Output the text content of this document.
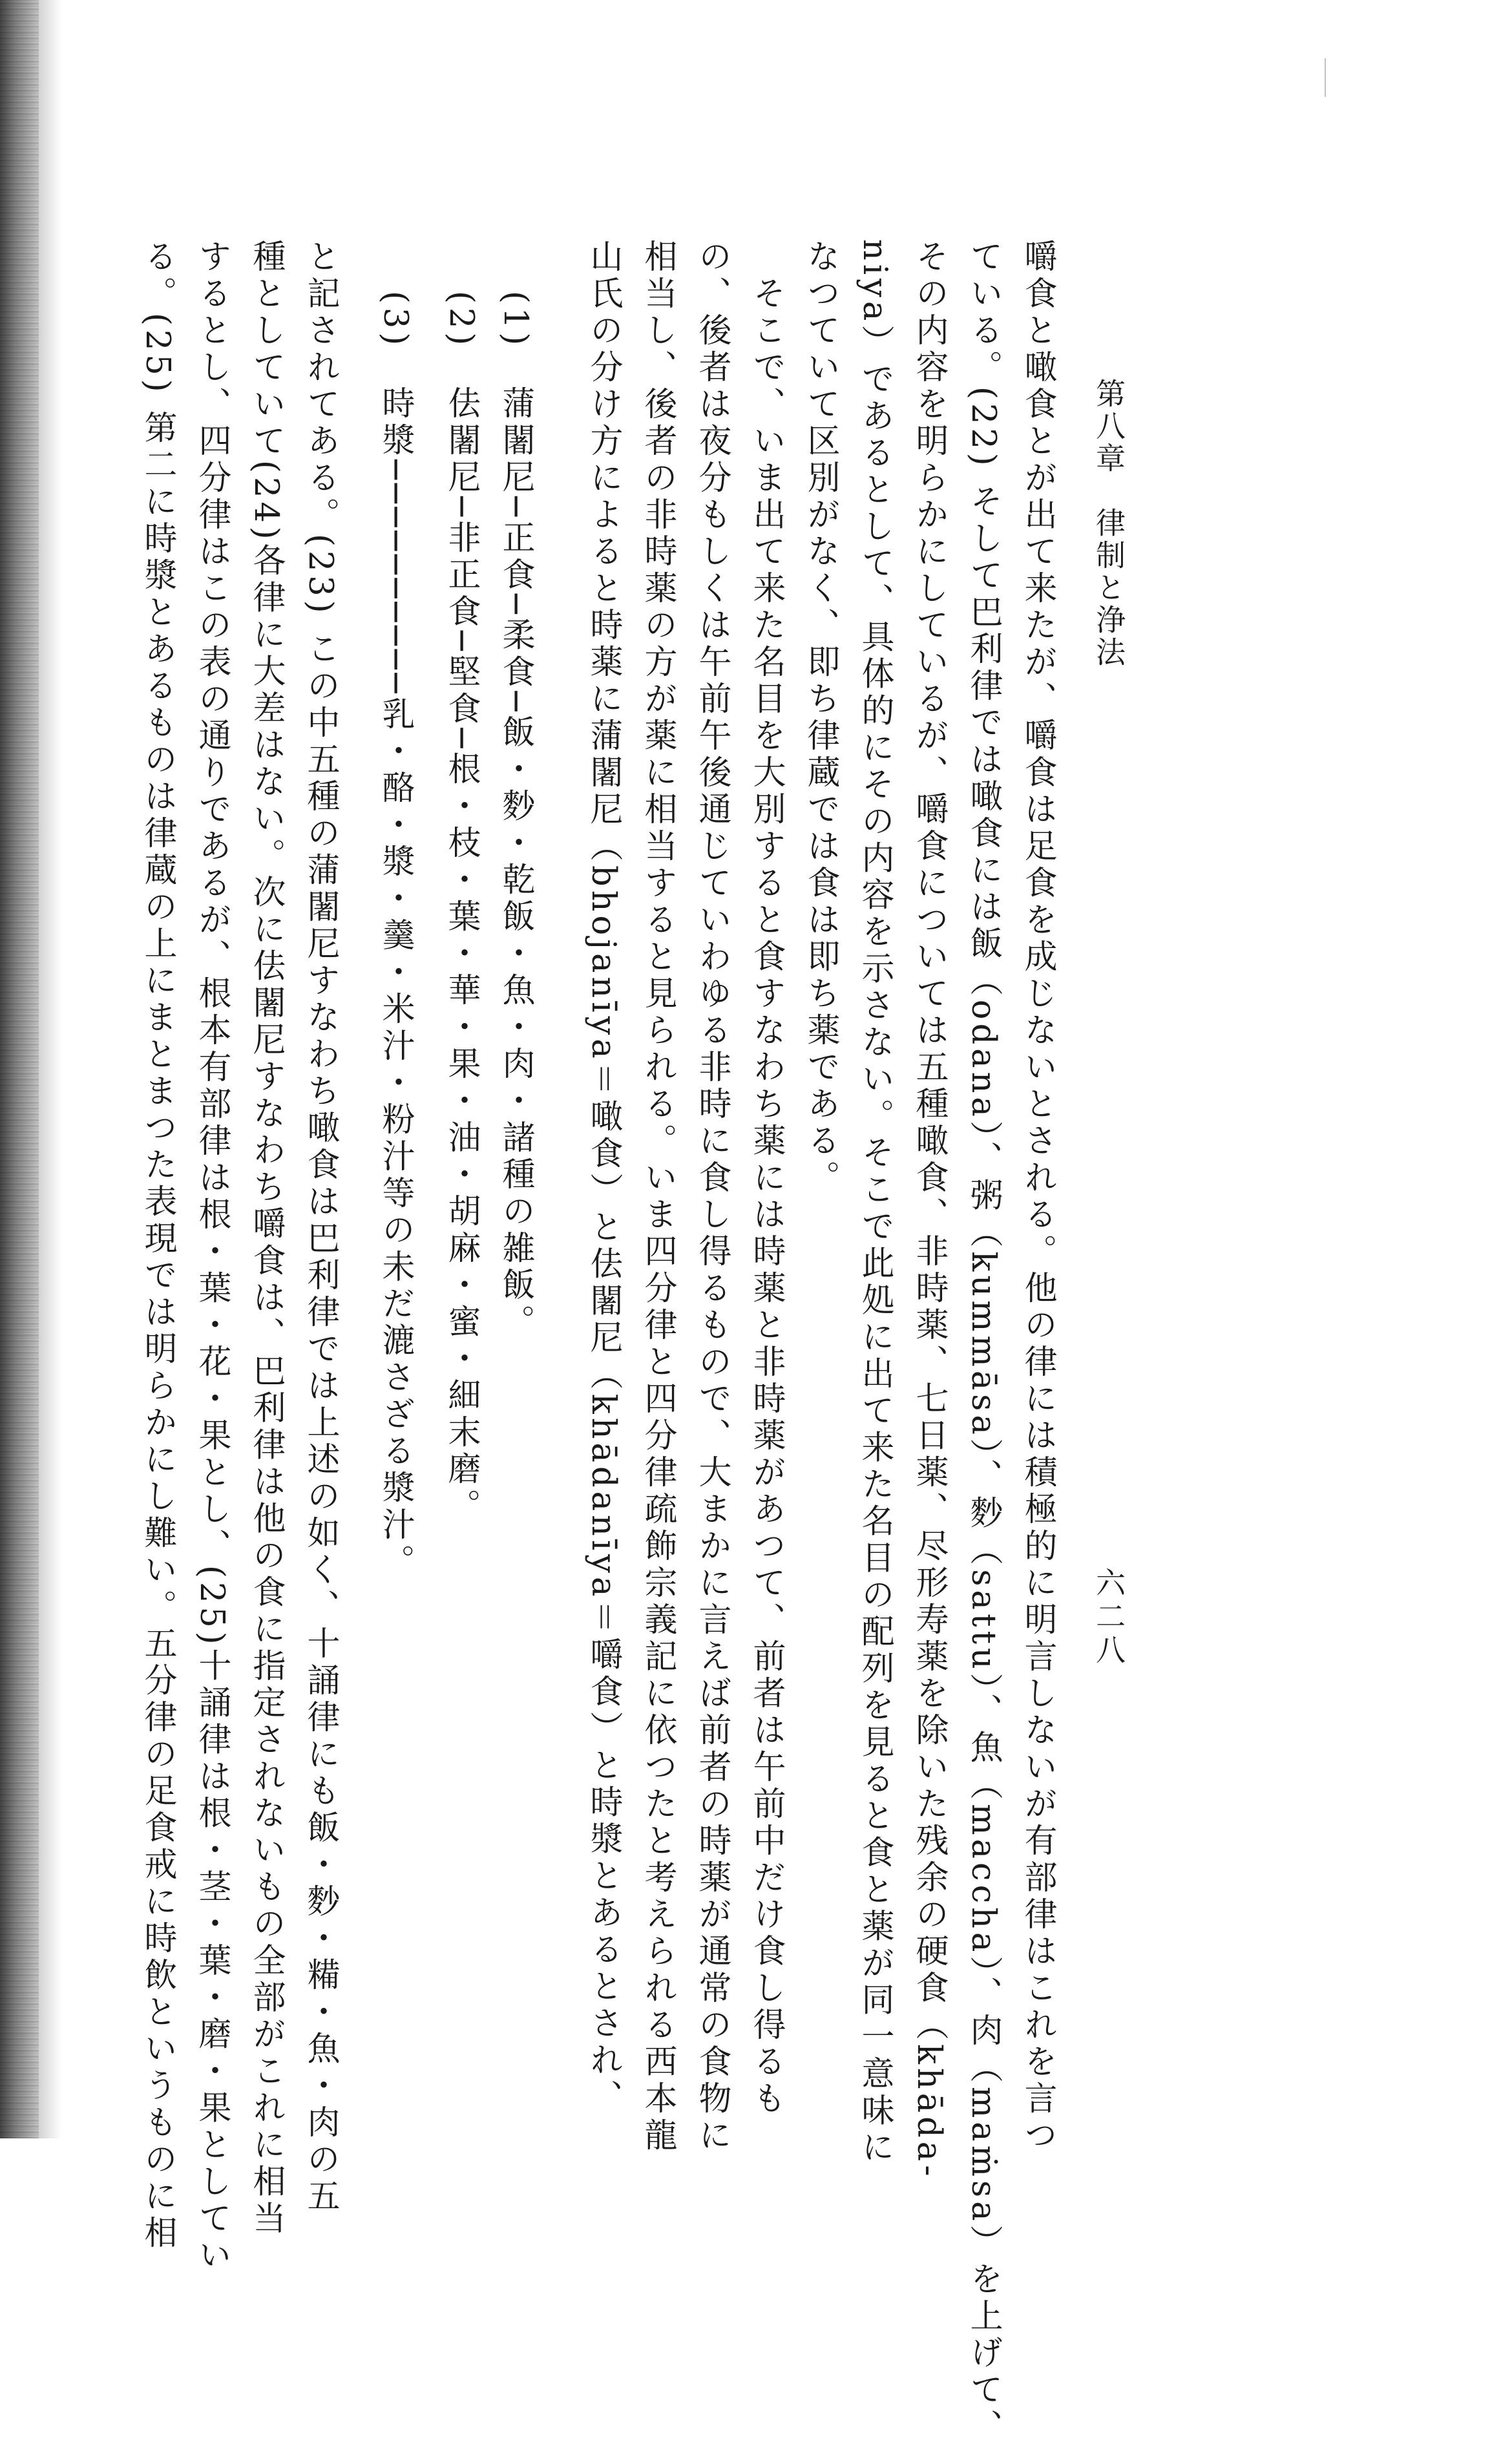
第八章　律制と浄法
六二八
嚼食と噉食とが出て来たが、嚼食は足食を成じないとされる。他の律には積極的に明言しないが有部律はこれを言つ
ている。(22) そして巴利律では噉食には飯（odana）、粥（kummāsa）、麨（sattu）、魚（maccha）、肉（maṁsa）を上げて、
その内容を明らかにしているが、嚼食については五種噉食、非時薬、七日薬、尽形寿薬を除いた残余の硬食（khāda-
niya）であるとして、具体的にその内容を示さない。そこで此処に出て来た名目の配列を見ると食と薬が同一意味に
なつていて区別がなく、即ち律蔵では食は即ち薬である。
　そこで、いま出て来た名目を大別すると食すなわち薬には時薬と非時薬があつて、前者は午前中だけ食し得るも
の、後者は夜分もしくは午前午後通じていわゆる非時に食し得るもので、大まかに言えば前者の時薬が通常の食物に
相当し、後者の非時薬の方が薬に相当すると見られる。いま四分律と四分律疏飾宗義記に依つたと考えられる西本龍
山氏の分け方によると時薬に蒲闍尼（bhojanīya＝噉食）と佉闍尼（khādanīya＝嚼食）と時漿とあるとされ、
(1)　蒲闍尼─正食─柔食─飯・麨・乾飯・魚・肉・諸種の雑飯。
(2)　佉闍尼─非正食─堅食─根・枝・葉・華・果・油・胡麻・蜜・細末磨。
(3)　時漿──────────乳・酪・漿・羹・米汁・粉汁等の未だ漉さざる漿汁。
と記されてある。(23) この中五種の蒲闍尼すなわち噉食は巴利律では上述の如く、十誦律にも飯・麨・糒・魚・肉の五
種としていて(24)各律に大差はない。次に佉闍尼すなわち嚼食は、巴利律は他の食に指定されないもの全部がこれに相当
するとし、四分律はこの表の通りであるが、根本有部律は根・葉・花・果とし、(25)十誦律は根・茎・葉・磨・果としてい
る。(25) 第二に時漿とあるものは律蔵の上にまとまつた表現では明らかにし難い。五分律の足食戒に時飲というものに相
